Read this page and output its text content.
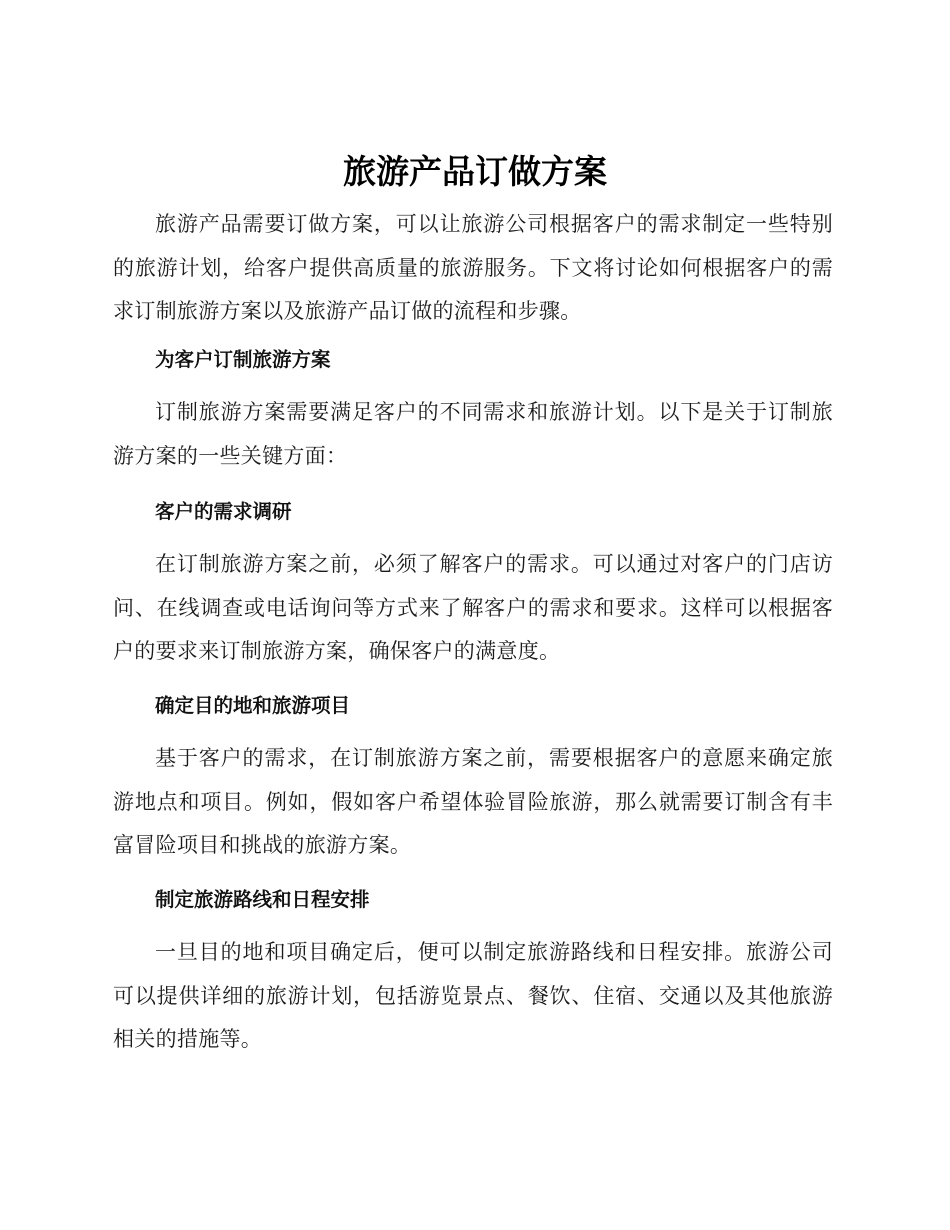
旅游产品订做方案

旅游产品需要订做方案，可以让旅游公司根据客户的需求制定一些特别的旅游计划，给客户提供高质量的旅游服务。下文将讨论如何根据客户的需求订制旅游方案以及旅游产品订做的流程和步骤。

为客户订制旅游方案

订制旅游方案需要满足客户的不同需求和旅游计划。以下是关于订制旅游方案的一些关键方面：

客户的需求调研

在订制旅游方案之前，必须了解客户的需求。可以通过对客户的门店访问、在线调查或电话询问等方式来了解客户的需求和要求。这样可以根据客户的要求来订制旅游方案，确保客户的满意度。

确定目的地和旅游项目

基于客户的需求，在订制旅游方案之前，需要根据客户的意愿来确定旅游地点和项目。例如，假如客户希望体验冒险旅游，那么就需要订制含有丰富冒险项目和挑战的旅游方案。

制定旅游路线和日程安排

一旦目的地和项目确定后，便可以制定旅游路线和日程安排。旅游公司可以提供详细的旅游计划，包括游览景点、餐饮、住宿、交通以及其他旅游相关的措施等。
